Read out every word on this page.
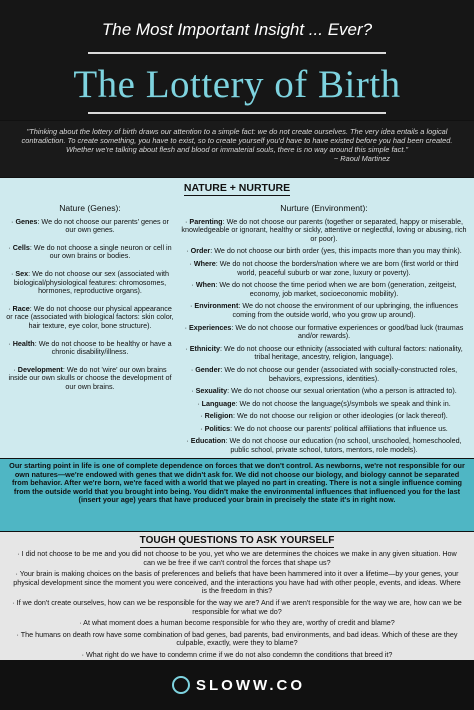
The Most Important Insight ... Ever?
The Lottery of Birth
"Thinking about the lottery of birth draws our attention to a simple fact: we do not create ourselves. The very idea entails a logical contradiction. To create something, you have to exist, so to create yourself you'd have to have existed before you had been created. Whether we're talking about flesh and blood or immaterial souls, there is no way around this simple fact."
~ Raoul Martinez
NATURE + NURTURE
Nature (Genes):
· Genes: We do not choose our parents' genes or our own genes.
· Cells: We do not choose a single neuron or cell in our own brains or bodies.
· Sex: We do not choose our sex (associated with biological/physiological features: chromosomes, hormones, reproductive organs).
· Race: We do not choose our physical appearance or race (associated with biological factors: skin color, hair texture, eye color, bone structure).
· Health: We do not choose to be healthy or have a chronic disability/illness.
· Development: We do not 'wire' our own brains inside our own skulls or choose the development of our own brains.
Nurture (Environment):
· Parenting: We do not choose our parents (together or separated, happy or miserable, knowledgeable or ignorant, healthy or sickly, attentive or neglectful, loving or abusing, rich or poor).
· Order: We do not choose our birth order (yes, this impacts more than you may think).
· Where: We do not choose the borders/nation where we are born (first world or third world, peaceful suburb or war zone, luxury or poverty).
· When: We do not choose the time period when we are born (generation, zeitgeist, economy, job market, socioeconomic mobility).
· Environment: We do not choose the environment of our upbringing, the influences coming from the outside world, who you grow up around).
· Experiences: We do not choose our formative experiences or good/bad luck (traumas and/or rewards).
· Ethnicity: We do not choose our ethnicity (associated with cultural factors: nationality, tribal heritage, ancestry, religion, language).
· Gender: We do not choose our gender (associated with socially-constructed roles, behaviors, expressions, identities).
· Sexuality: We do not choose our sexual orientation (who a person is attracted to).
· Language: We do not choose the language(s)/symbols we speak and think in.
· Religion: We do not choose our religion or other ideologies (or lack thereof).
· Politics: We do not choose our parents' political affiliations that influence us.
· Education: We do not choose our education (no school, unschooled, homeschooled, public school, private school, tutors, mentors, role models).
Our starting point in life is one of complete dependence on forces that we don't control. As newborns, we're not responsible for our own natures—we're endowed with genes that we didn't ask for. We did not choose our biology, and biology cannot be separated from behavior. After we're born, we're faced with a world that we played no part in creating. There is not a single influence coming from the outside world that you brought into being. You didn't make the environmental influences that influenced you for the last (insert your age) years that have produced your brain in precisely the state it's in right now.
TOUGH QUESTIONS TO ASK YOURSELF
· I did not choose to be me and you did not choose to be you, yet who we are determines the choices we make in any given situation. How can we be free if we can't control the forces that shape us?
· Your brain is making choices on the basis of preferences and beliefs that have been hammered into it over a lifetime—by your genes, your physical development since the moment you were conceived, and the interactions you have had with other people, events, and ideas. Where is the freedom in this?
· If we don't create ourselves, how can we be responsible for the way we are? And if we aren't responsible for the way we are, how can we be responsible for what we do?
· At what moment does a human become responsible for who they are, worthy of credit and blame?
· The humans on death row have some combination of bad genes, bad parents, bad environments, and bad ideas. Which of these are they culpable, exactly, were they to blame?
· What right do we have to condemn crime if we do not also condemn the conditions that breed it?
SLOWW.CO
